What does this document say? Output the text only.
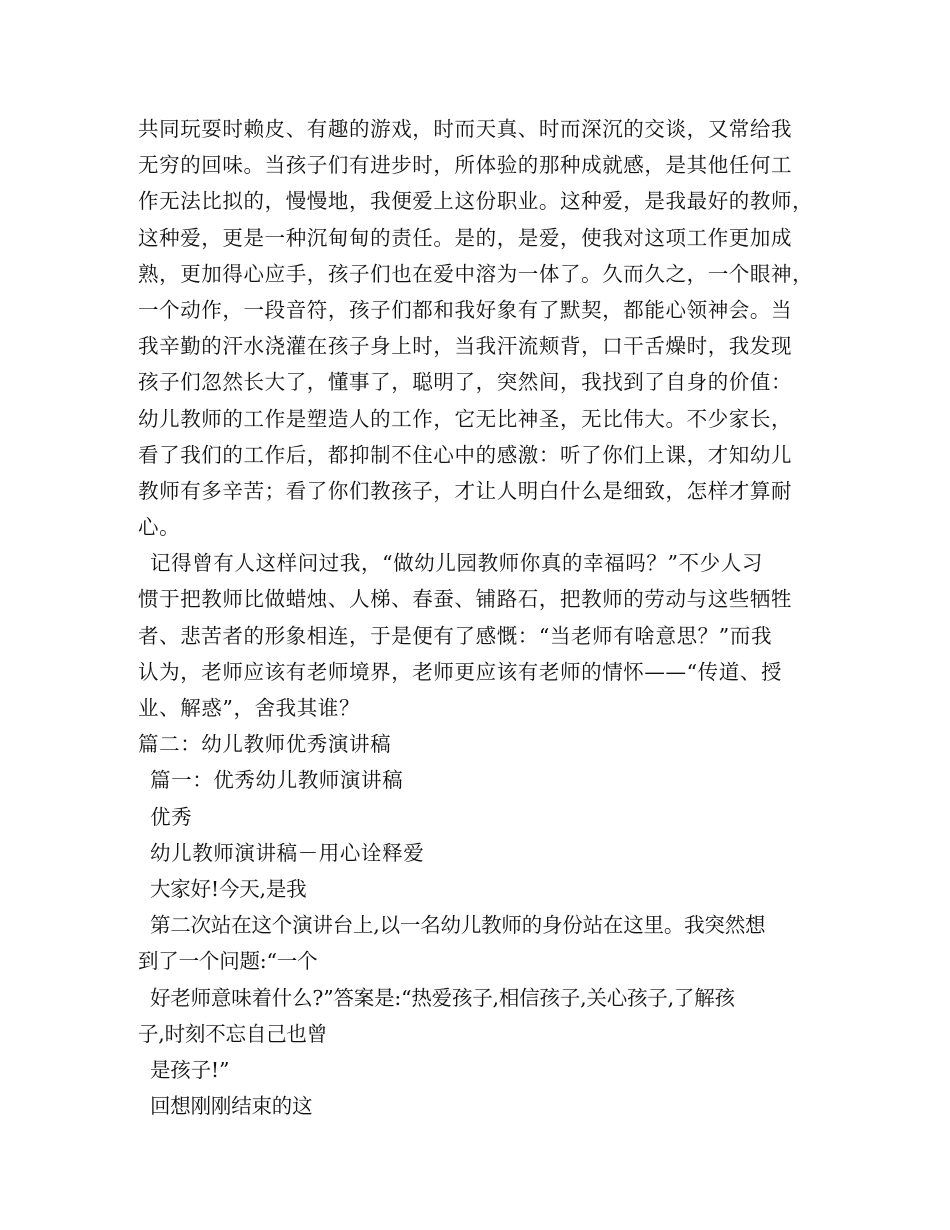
共同玩耍时赖皮、有趣的游戏，时而天真、时而深沉的交谈，又常给我
无穷的回味。当孩子们有进步时，所体验的那种成就感，是其他任何工
作无法比拟的，慢慢地，我便爱上这份职业。这种爱，是我最好的教师，
这种爱，更是一种沉甸甸的责任。是的，是爱，使我对这项工作更加成
熟，更加得心应手，孩子们也在爱中溶为一体了。久而久之，一个眼神，
一个动作，一段音符，孩子们都和我好象有了默契，都能心领神会。当
我辛勤的汗水浇灌在孩子身上时，当我汗流颊背，口干舌燥时，我发现
孩子们忽然长大了，懂事了，聪明了，突然间，我找到了自身的价值：
幼儿教师的工作是塑造人的工作，它无比神圣，无比伟大。不少家长，
看了我们的工作后，都抑制不住心中的感激：听了你们上课，才知幼儿
教师有多辛苦；看了你们教孩子，才让人明白什么是细致，怎样才算耐
心。
记得曾有人这样问过我，“做幼儿园教师你真的幸福吗？”不少人习
惯于把教师比做蜡烛、人梯、春蚕、铺路石，把教师的劳动与这些牺牲
者、悲苦者的形象相连，于是便有了感慨：“当老师有啥意思？”而我
认为，老师应该有老师境界，老师更应该有老师的情怀——“传道、授
业、解惑”，舍我其谁？
篇二：幼儿教师优秀演讲稿
篇一：优秀幼儿教师演讲稿
优秀
幼儿教师演讲稿－用心诠释爱
大家好!今天,是我
第二次站在这个演讲台上,以一名幼儿教师的身份站在这里。我突然想
到了一个问题:“一个
好老师意味着什么?”答案是:“热爱孩子,相信孩子,关心孩子,了解孩
子,时刻不忘自己也曾
是孩子!”
回想刚刚结束的这
